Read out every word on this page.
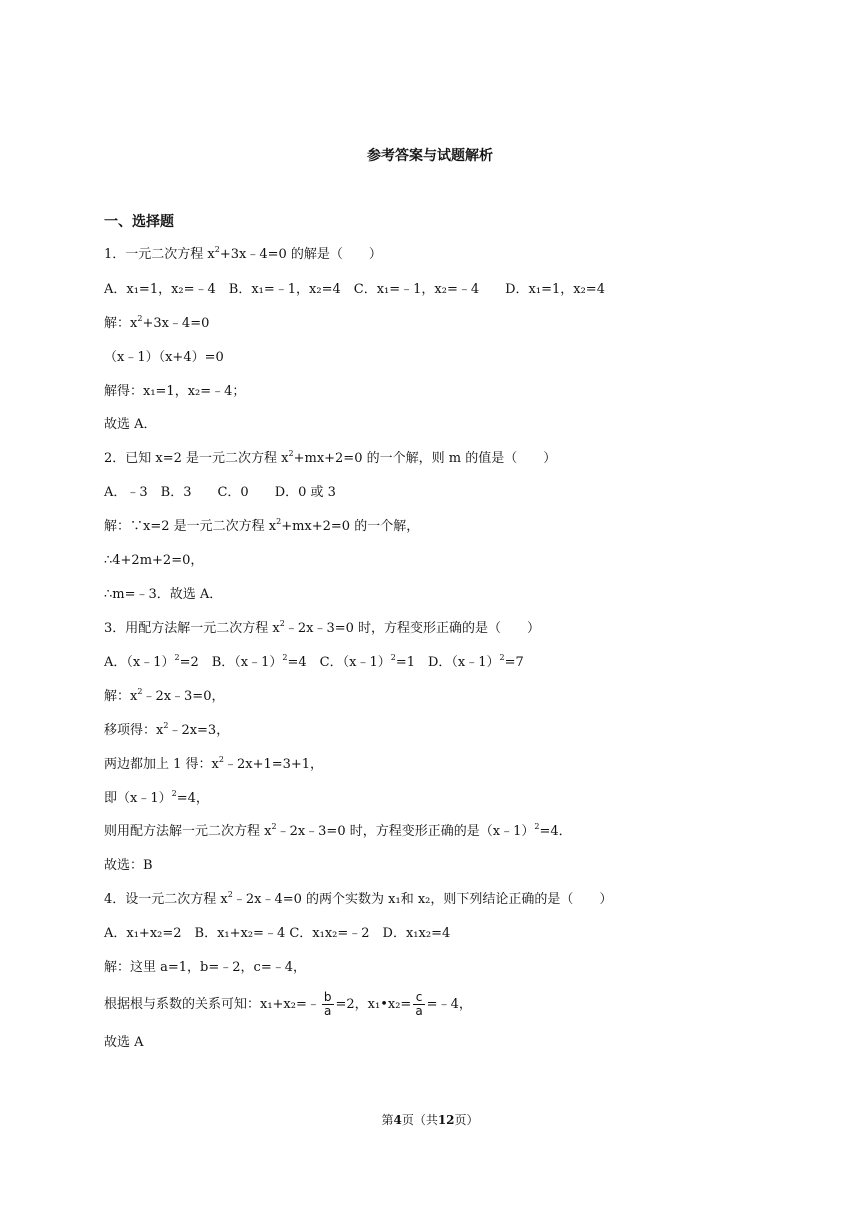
参考答案与试题解析
一、选择题
1．一元二次方程 $x^2+3x﹣4=0$ 的解是（　　）
A．x₁=1，x₂=﹣4　B．x₁=﹣1，x₂=4　C．x₁=﹣1，x₂=﹣4　　D．x₁=1，x₂=4
解：$x^2+3x﹣4=0$
（x﹣1）（x+4）=0
解得：x₁=1，x₂=﹣4；
故选 A．
2．已知 x=2 是一元二次方程 $x^2+mx+2=0$ 的一个解，则 m 的值是（　　）
A．﹣3　B．3　　C．0　　D．0 或 3
解：∵x=2 是一元二次方程 $x^2+mx+2=0$ 的一个解，
∴4+2m+2=0，
∴m=﹣3．故选 A．
3．用配方法解一元二次方程 $x^2﹣2x﹣3=0$ 时，方程变形正确的是（　　）
A．（x﹣1）$^2$=2　B．（x﹣1）$^2$=4　C．（x﹣1）$^2$=1　D．（x﹣1）$^2$=7
解：$x^2﹣2x﹣3=0$，
移项得：$x^2﹣2x=3$，
两边都加上 1 得：$x^2﹣2x+1=3+1$，
即（x﹣1）$^2$=4，
则用配方法解一元二次方程 $x^2﹣2x﹣3=0$ 时，方程变形正确的是（x﹣1）$^2$=4．
故选：B
4．设一元二次方程 $x^2﹣2x﹣4=0$ 的两个实数为 x₁和 x₂，则下列结论正确的是（　　）
A．x₁+x₂=2　B．x₁+x₂=﹣4 C．x₁x₂=﹣2　D．x₁x₂=4
解：这里 a=1，b=﹣2，c=﹣4，
根据根与系数的关系可知：x₁+x₂=﹣ $\frac{b}{a} =2$，x₁•x₂= $\frac{c}{a}$ =﹣4，
故选 A
第4页（共12页）
